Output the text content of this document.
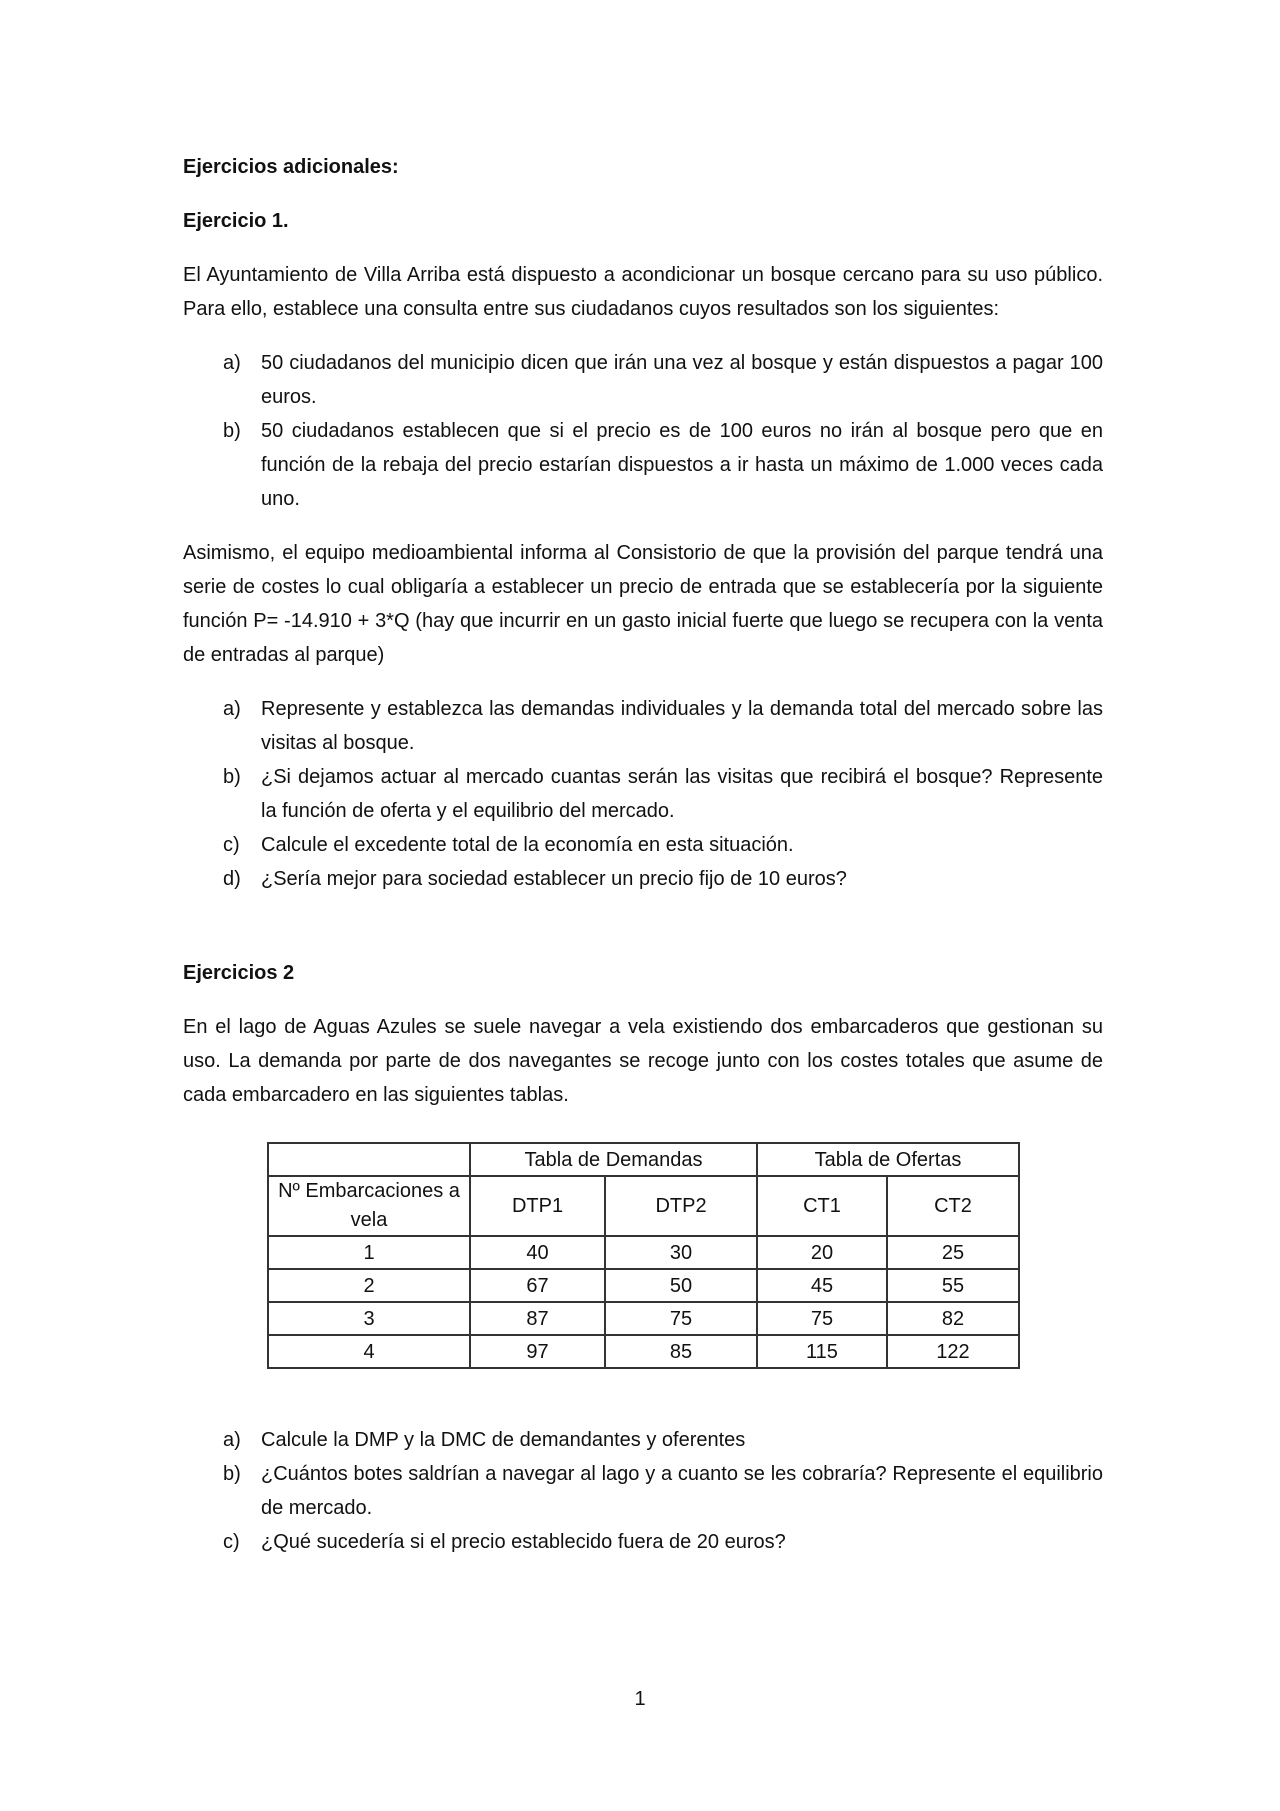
Ejercicios adicionales:

Ejercicio 1.

El Ayuntamiento de Villa Arriba está dispuesto a acondicionar un bosque cercano para su uso público. Para ello, establece una consulta entre sus ciudadanos cuyos resultados son los siguientes:

a) 50 ciudadanos del municipio dicen que irán una vez al bosque y están dispuestos a pagar 100 euros.
b) 50 ciudadanos establecen que si el precio es de 100 euros no irán al bosque pero que en función de la rebaja del precio estarían dispuestos a ir hasta un máximo de 1.000 veces cada uno.

Asimismo, el equipo medioambiental informa al Consistorio de que la provisión del parque tendrá una serie de costes lo cual obligaría a establecer un precio de entrada que se establecería por la siguiente función P= -14.910 + 3*Q (hay que incurrir en un gasto inicial fuerte que luego se recupera con la venta de entradas al parque)

a) Represente y establezca las demandas individuales y la demanda total del mercado sobre las visitas al bosque.
b) ¿Si dejamos actuar al mercado cuantas serán las visitas que recibirá el bosque? Represente la función de oferta y el equilibrio del mercado.
c) Calcule el excedente total de la economía en esta situación.
d) ¿Sería mejor para sociedad establecer un precio fijo de 10 euros?

Ejercicios 2

En el lago de Aguas Azules se suele navegar a vela existiendo dos embarcaderos que gestionan su uso. La demanda por parte de dos navegantes se recoge junto con los costes totales que asume de cada embarcadero en las siguientes tablas.

	Tabla de Demandas		Tabla de Ofertas	
Nº Embarcaciones a vela	DTP1	DTP2	CT1	CT2
1	40	30	20	25
2	67	50	45	55
3	87	75	75	82
4	97	85	115	122
a) Calcule la DMP y la DMC de demandantes y oferentes
b) ¿Cuántos botes saldrían a navegar al lago y a cuanto se les cobraría? Represente el equilibrio de mercado.
c) ¿Qué sucedería si el precio establecido fuera de 20 euros?
1
